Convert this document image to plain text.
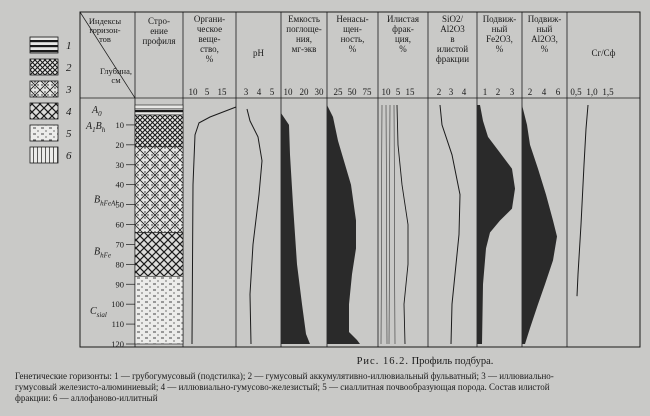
1
2
3
4
5
6
Индексы
горизон-
тов
Глубина,
см
Стро-
ение
профиля
Органи-
ческое
веще-
ство,
%
10 5 15
pH
3 4 5
Емкость
поглоще-
ния,
мг-экв
10 20 30
Ненасы-
щен-
ность,
%
25 50 75
Илистая
фрак-
ция,
%
10 5 15
SiO2/
Al2O3
в
илистой
фракции
2 3 4
Подвиж-
ный
Fe2O3,
%
1 2 3
Подвиж-
ный
Al2O3,
%
2 4 6
Cг/Cф
0,5 1,0 1,5
10
20
30
40
50
60
70
80
90
100
110
120
$A_0$
$A_1B_h$
$B_{hFeAl}$
$B_{hFe}$
$C_{sial}$
Рис. 16.2. Профиль подбура.
Генетические горизонты: 1 — грубогумусовый (подстилка); 2 — гумусовый аккумулятивно-иллювиальный фульватный; 3 — иллювиально-
гумусовый железисто-алюминиевый; 4 — иллювиально-гумусово-железистый; 5 — сиаллитная почвообразующая порода. Состав илистой
фракции: 6 — аллофаново-иллитный
